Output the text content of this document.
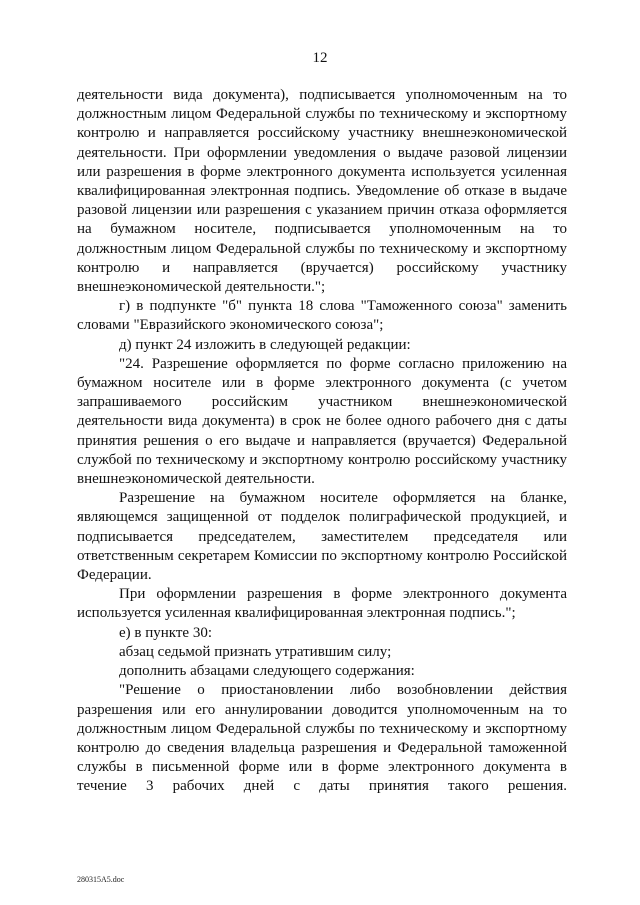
12

деятельности вида документа), подписывается уполномоченным на то должностным лицом Федеральной службы по техническому и экспортному контролю и направляется российскому участнику внешнеэкономической деятельности. При оформлении уведомления о выдаче разовой лицензии или разрешения в форме электронного документа используется усиленная квалифицированная электронная подпись. Уведомление об отказе в выдаче разовой лицензии или разрешения с указанием причин отказа оформляется на бумажном носителе, подписывается уполномоченным на то должностным лицом Федеральной службы по техническому и экспортному контролю и направляется (вручается) российскому участнику внешнеэкономической деятельности.";

г) в подпункте "б" пункта 18 слова "Таможенного союза" заменить словами "Евразийского экономического союза";

д) пункт 24 изложить в следующей редакции:

"24. Разрешение оформляется по форме согласно приложению на бумажном носителе или в форме электронного документа (с учетом запрашиваемого российским участником внешнеэкономической деятельности вида документа) в срок не более одного рабочего дня с даты принятия решения о его выдаче и направляется (вручается) Федеральной службой по техническому и экспортному контролю российскому участнику внешнеэкономической деятельности.

Разрешение на бумажном носителе оформляется на бланке, являющемся защищенной от подделок полиграфической продукцией, и подписывается председателем, заместителем председателя или ответственным секретарем Комиссии по экспортному контролю Российской Федерации.

При оформлении разрешения в форме электронного документа используется усиленная квалифицированная электронная подпись.";

е) в пункте 30:

абзац седьмой признать утратившим силу;

дополнить абзацами следующего содержания:

"Решение о приостановлении либо возобновлении действия разрешения или его аннулировании доводится уполномоченным на то должностным лицом Федеральной службы по техническому и экспортному контролю до сведения владельца разрешения и Федеральной таможенной службы в письменной форме или в форме электронного документа в течение 3 рабочих дней с даты принятия такого решения.

280315A5.doc
